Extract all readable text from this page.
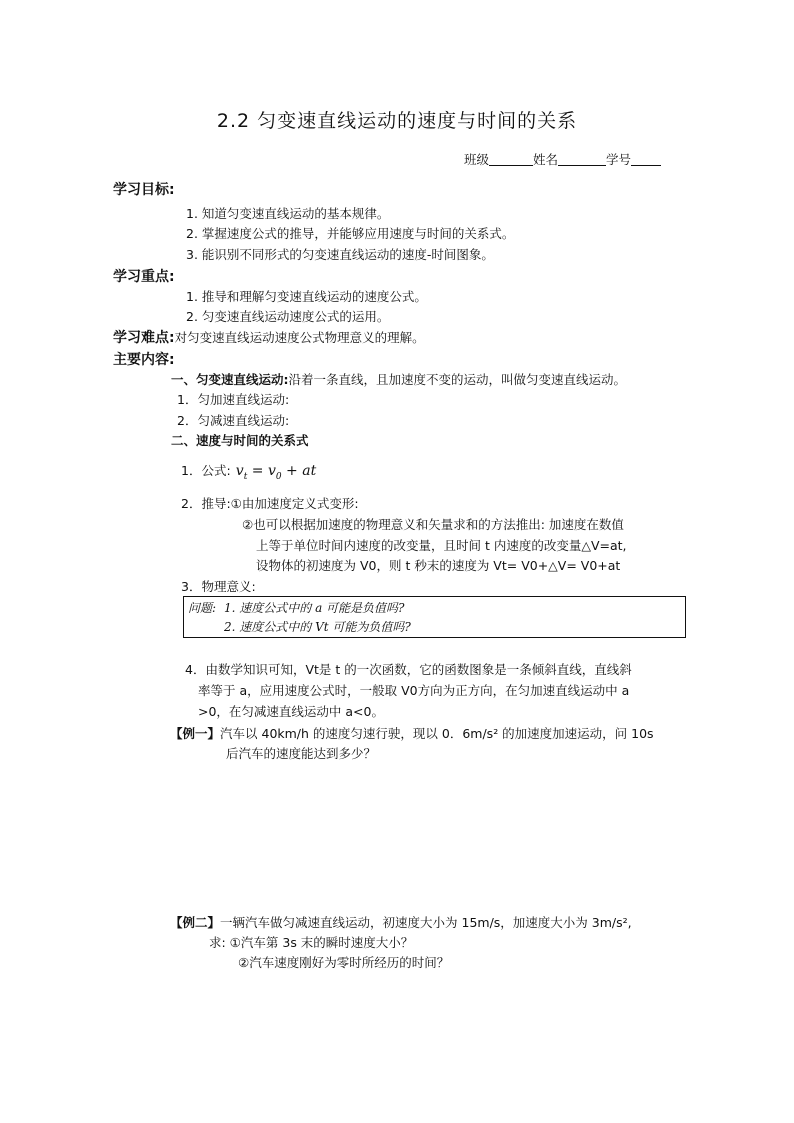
2.2 匀变速直线运动的速度与时间的关系
班级	姓名	学号
学习目标:
1. 知道匀变速直线运动的基本规律。
2. 掌握速度公式的推导，并能够应用速度与时间的关系式。
3. 能识别不同形式的匀变速直线运动的速度-时间图象。
学习重点:
1. 推导和理解匀变速直线运动的速度公式。
2. 匀变速直线运动速度公式的运用。
学习难点:对匀变速直线运动速度公式物理意义的理解。
主要内容:
一、匀变速直线运动:沿着一条直线，且加速度不变的运动，叫做匀变速直线运动。
1．匀加速直线运动:
2．匀减速直线运动:
二、速度与时间的关系式
1．公式: $v_t = v_0$ + at
2．推导:①由加速度定义式变形:
②也可以根据加速度的物理意义和矢量求和的方法推出: 加速度在数值
上等于单位时间内速度的改变量，且时间 t 内速度的改变量△V=at,
设物体的初速度为 V0，则 t 秒末的速度为 Vt= V0+△V= V0+at
3．物理意义:
问题: 1. 速度公式中的 a 可能是负值吗?
2. 速度公式中的 Vt 可能为负值吗?
4．由数学知识可知，Vt是 t 的一次函数，它的函数图象是一条倾斜直线，直线斜
率等于 a，应用速度公式时，一般取 V0方向为正方向，在匀加速直线运动中 a
>0，在匀减速直线运动中 a<0。
【例一】汽车以 40km/h 的速度匀速行驶，现以 0．6m/s² 的加速度加速运动，问 10s
后汽车的速度能达到多少？
【例二】一辆汽车做匀减速直线运动，初速度大小为 15m/s，加速度大小为 3m/s²,
求: ①汽车第 3s 末的瞬时速度大小？
②汽车速度刚好为零时所经历的时间？
